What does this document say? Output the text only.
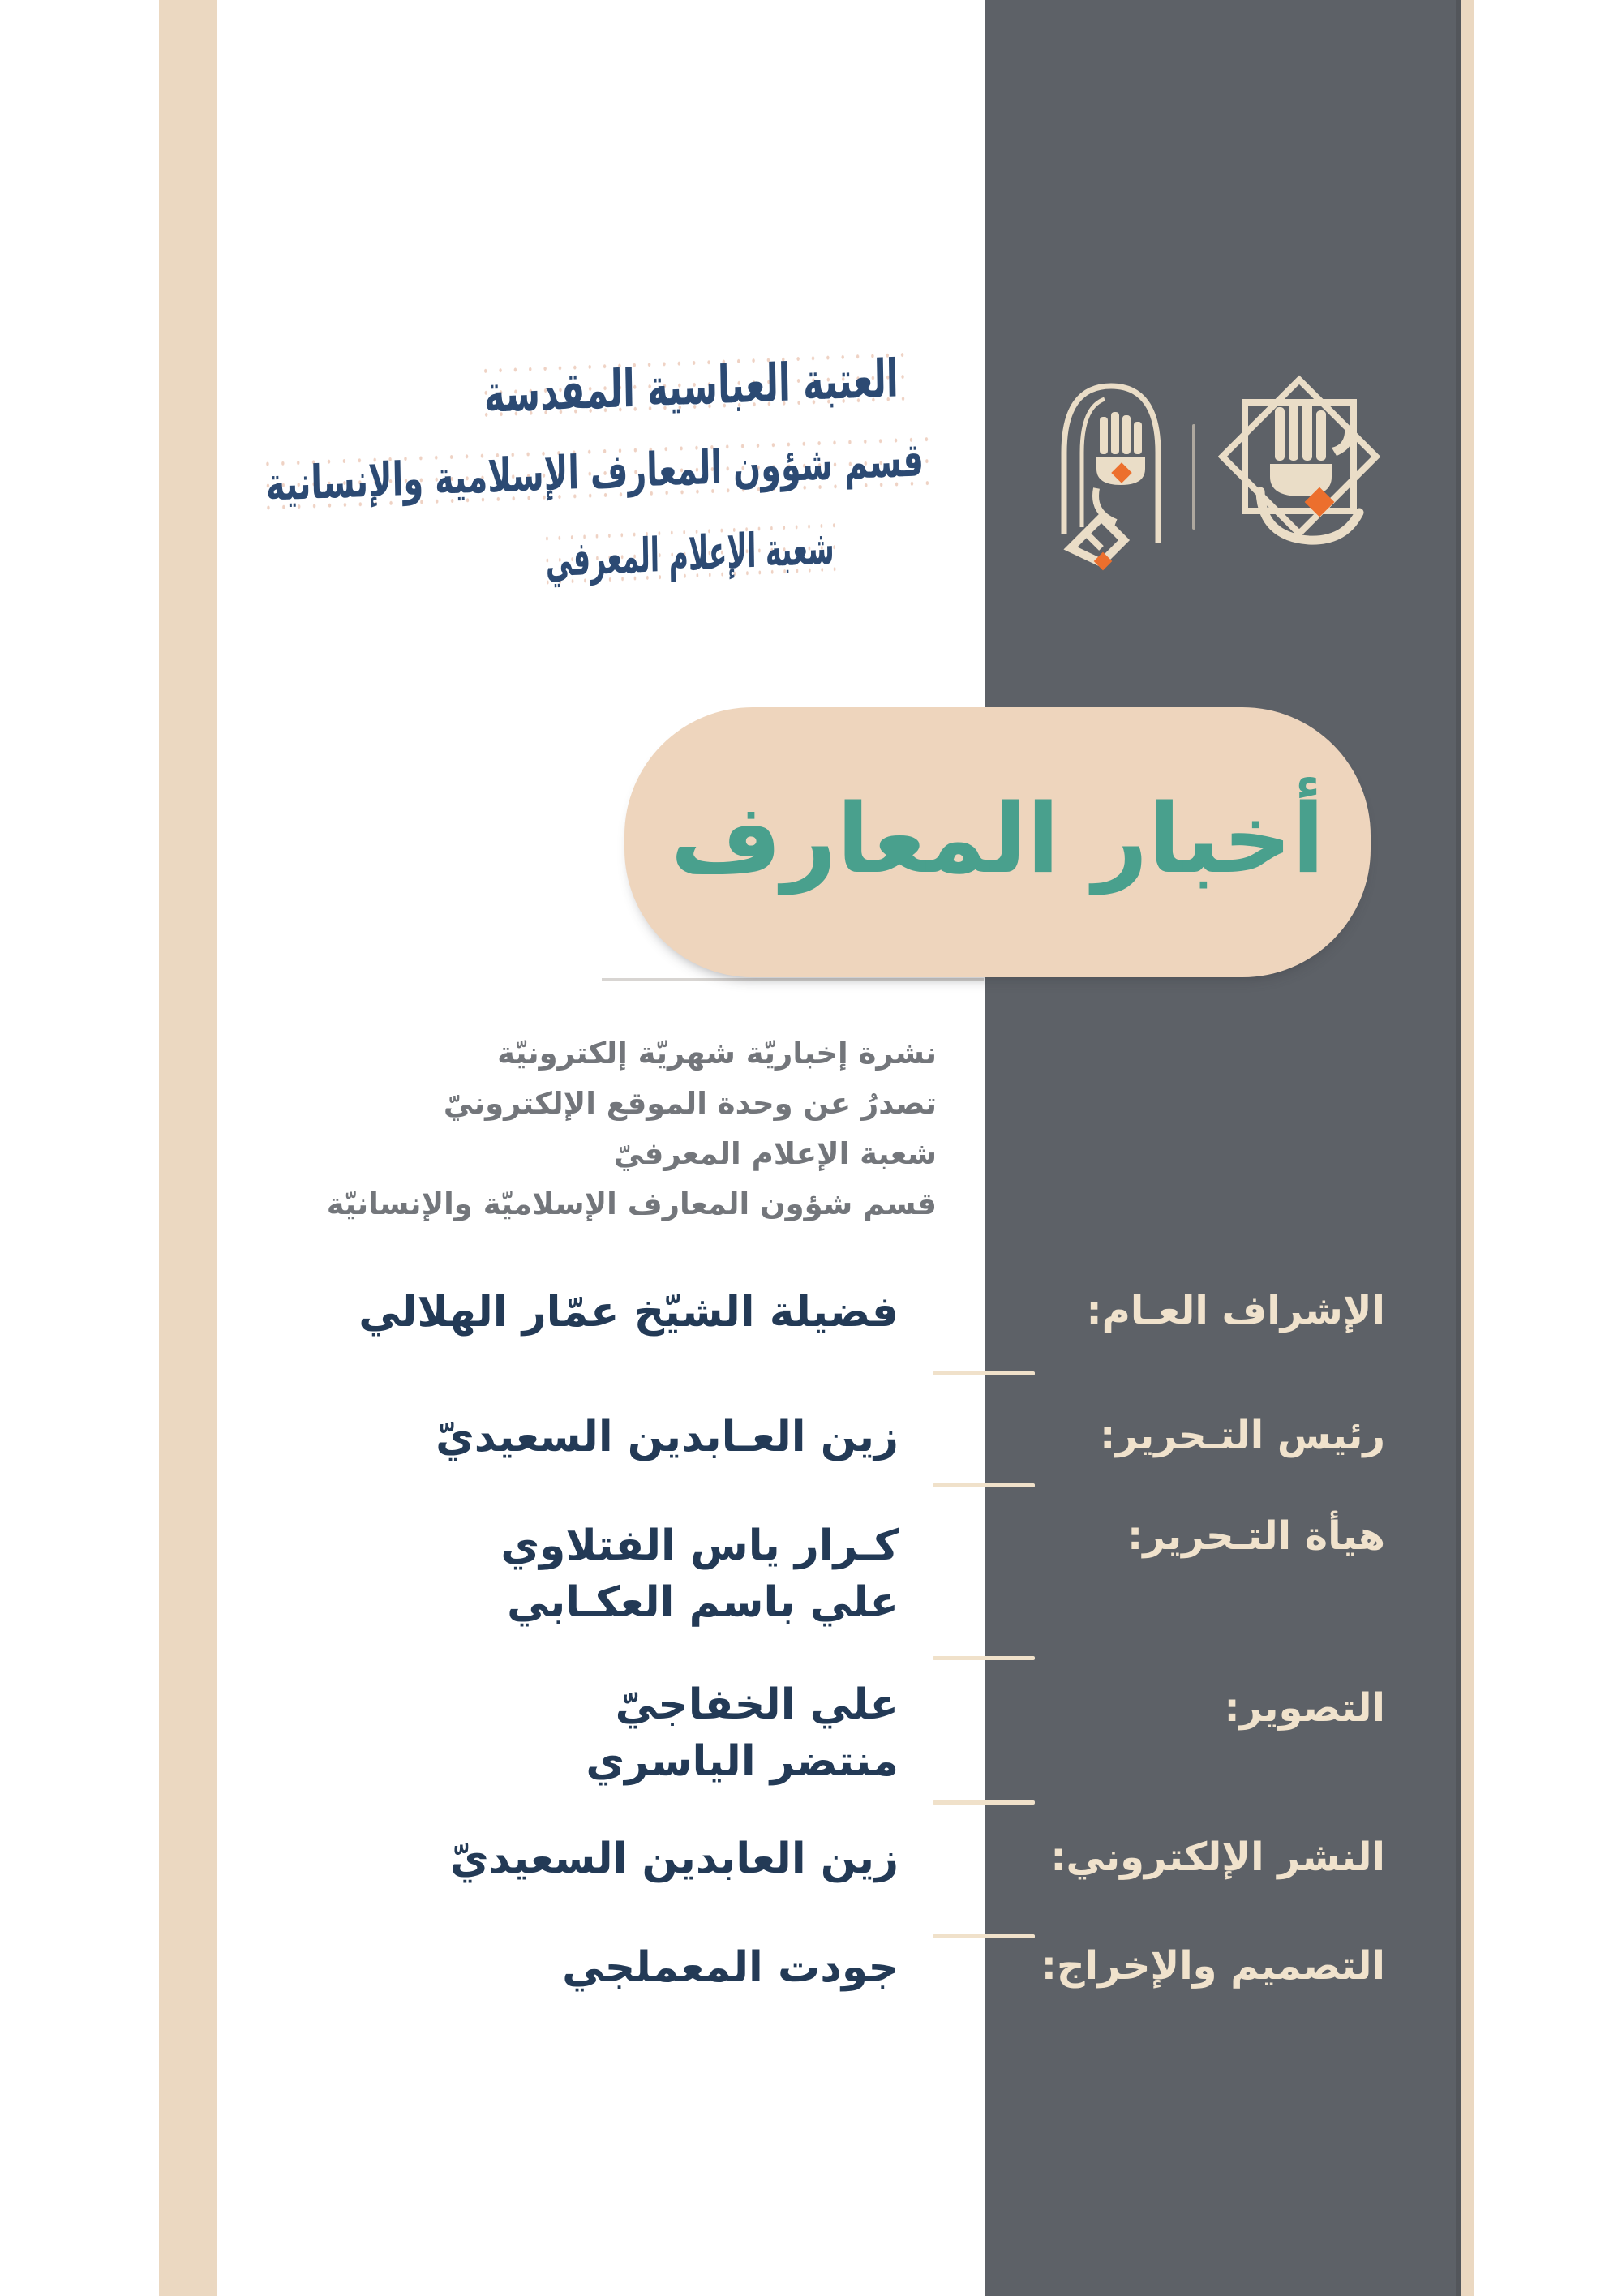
العتبة العباسية المقدسة
قسم شؤون المعارف الإسلامية والإنسانية
شعبة الإعلام المعرفي
أخبار المعارف
نشرة إخباريّة شهريّة إلكترونيّة
تصدرُ عن وحدة الموقع الإلكترونيّ
شعبة الإعلام المعرفيّ
قسم شؤون المعارف الإسلاميّة والإنسانيّة
الإشراف العـام:
رئيس التـحرير:
هيأة التـحرير:
التصوير:
النشر الإلكتروني:
التصميم والإخراج:
فضيلة الشيّخ عمّار الهلالي
زين العـابدين السعيديّ
كـرار ياس الفتلاوي
علي باسم العكـابي
علي الخفاجيّ
منتضر الياسري
زين العابدين السعيديّ
جودت المعملجي
